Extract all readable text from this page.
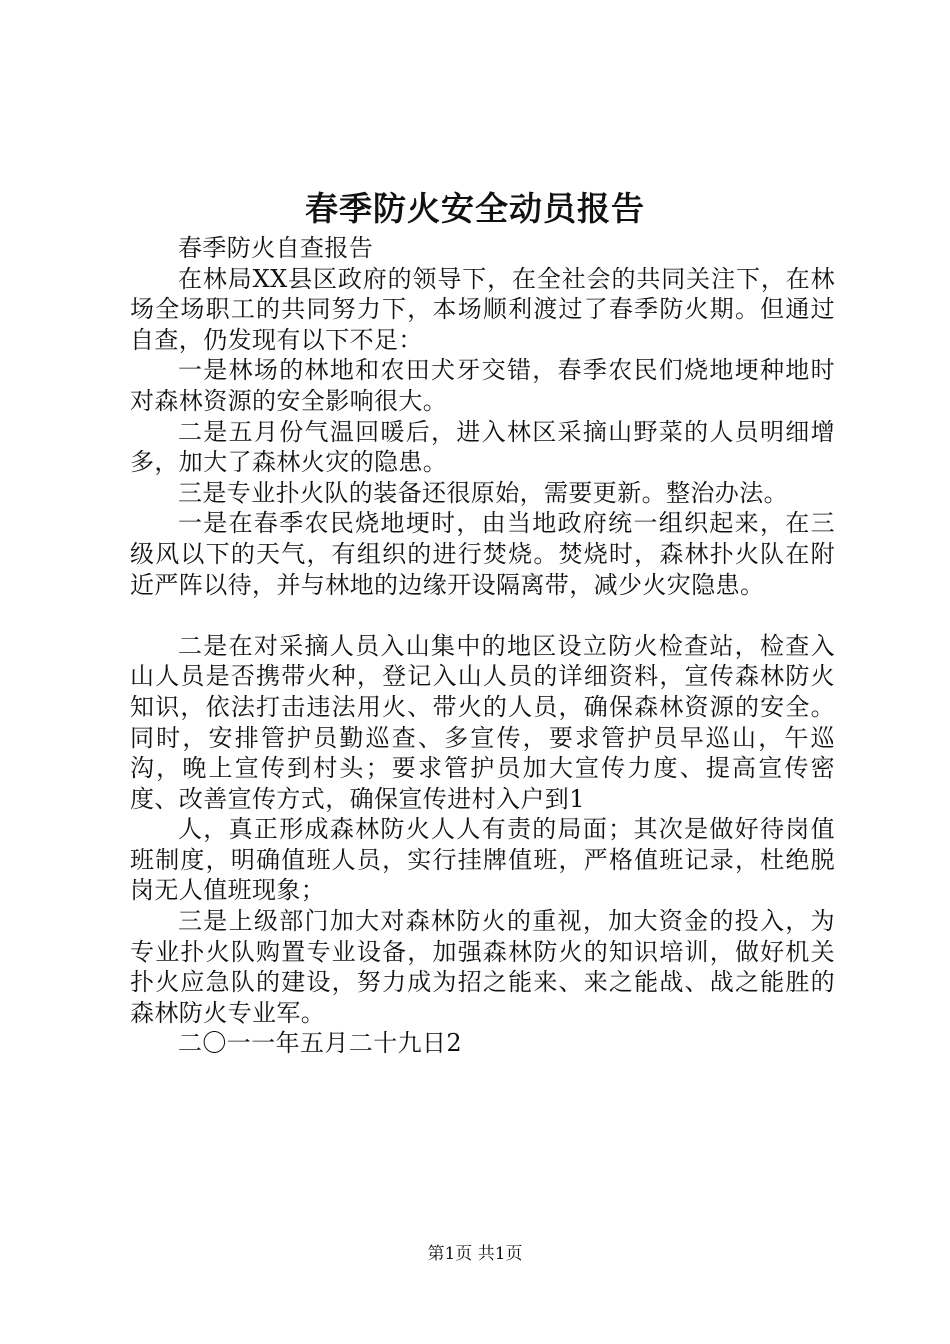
春季防火安全动员报告

春季防火自查报告

在林局XX县区政府的领导下，在全社会的共同关注下，在林场全场职工的共同努力下，本场顺利渡过了春季防火期。但通过自查，仍发现有以下不足：

一是林场的林地和农田犬牙交错，春季农民们烧地埂种地时对森林资源的安全影响很大。

二是五月份气温回暖后，进入林区采摘山野菜的人员明细增多，加大了森林火灾的隐患。

三是专业扑火队的装备还很原始，需要更新。整治办法。

一是在春季农民烧地埂时，由当地政府统一组织起来，在三级风以下的天气，有组织的进行焚烧。焚烧时，森林扑火队在附近严阵以待，并与林地的边缘开设隔离带，减少火灾隐患。

二是在对采摘人员入山集中的地区设立防火检查站，检查入山人员是否携带火种，登记入山人员的详细资料，宣传森林防火知识，依法打击违法用火、带火的人员，确保森林资源的安全。同时，安排管护员勤巡查、多宣传，要求管护员早巡山，午巡沟，晚上宣传到村头；要求管护员加大宣传力度、提高宣传密度、改善宣传方式，确保宣传进村入户到1

人，真正形成森林防火人人有责的局面；其次是做好待岗值班制度，明确值班人员，实行挂牌值班，严格值班记录，杜绝脱岗无人值班现象；

三是上级部门加大对森林防火的重视，加大资金的投入，为专业扑火队购置专业设备，加强森林防火的知识培训，做好机关扑火应急队的建设，努力成为招之能来、来之能战、战之能胜的森林防火专业军。

二〇一一年五月二十九日2

第1页 共1页
